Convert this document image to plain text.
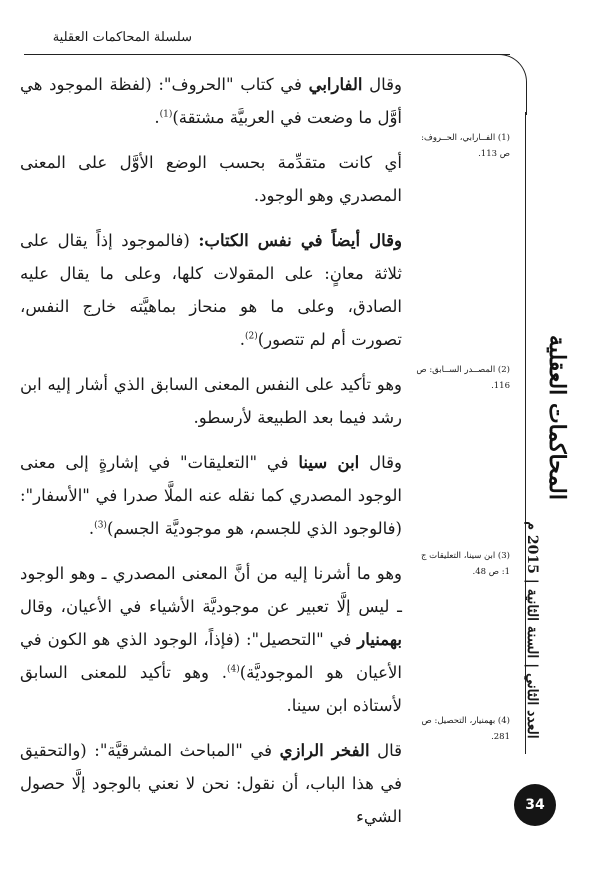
سلسلة المحاكمات العقلية

وقال الفارابي في كتاب "الحروف": (لفظة الموجود هي أوَّل ما وضعت في العربيَّة مشتقة)$^{(1)}$.

أي كانت متقدِّمة بحسب الوضع الأوَّل على المعنى المصدري وهو الوجود.

وقال أيضاً في نفس الكتاب: (فالموجود إذاً يقال على ثلاثة معانٍ: على المقولات كلها، وعلى ما يقال عليه الصادق، وعلى ما هو منحاز بماهيَّته خارج النفس، تصورت أم لم تتصور)$^{(2)}$.

وهو تأكيد على النفس المعنى السابق الذي أشار إليه ابن رشد فيما بعد الطبيعة لأرسطو.

وقال ابن سينا في "التعليقات" في إشارةٍ إلى معنى الوجود المصدري كما نقله عنه الملَّا صدرا في "الأسفار": (فالوجود الذي للجسم، هو موجوديَّة الجسم)$^{(3)}$.

وهو ما أشرنا إليه من أنَّ المعنى المصدري ـ وهو الوجود ـ ليس إلَّا تعبير عن موجوديَّة الأشياء في الأعيان، وقال بهمنيار في "التحصيل": (فإذاً، الوجود الذي هو الكون في الأعيان هو الموجوديَّة)$^{(4)}$. وهو تأكيد للمعنى السابق لأستاذه ابن سينا.

قال الفخر الرازي في "المباحث المشرقيَّة": (والتحقيق في هذا الباب، أن نقول: نحن لا نعني بالوجود إلَّا حصول الشيء

(1) الفــارابي، الحــروف:
ص 113.
(2) المصــدر الســابق: ص
116.
(3) ابن سينا، التعليقات ج
1: ص 48.
(4) بهمنيار، التحصيل: ص
281.
المحاكمات العقلية
العدد الثاني | السنة الثانية | 2015 م
34
